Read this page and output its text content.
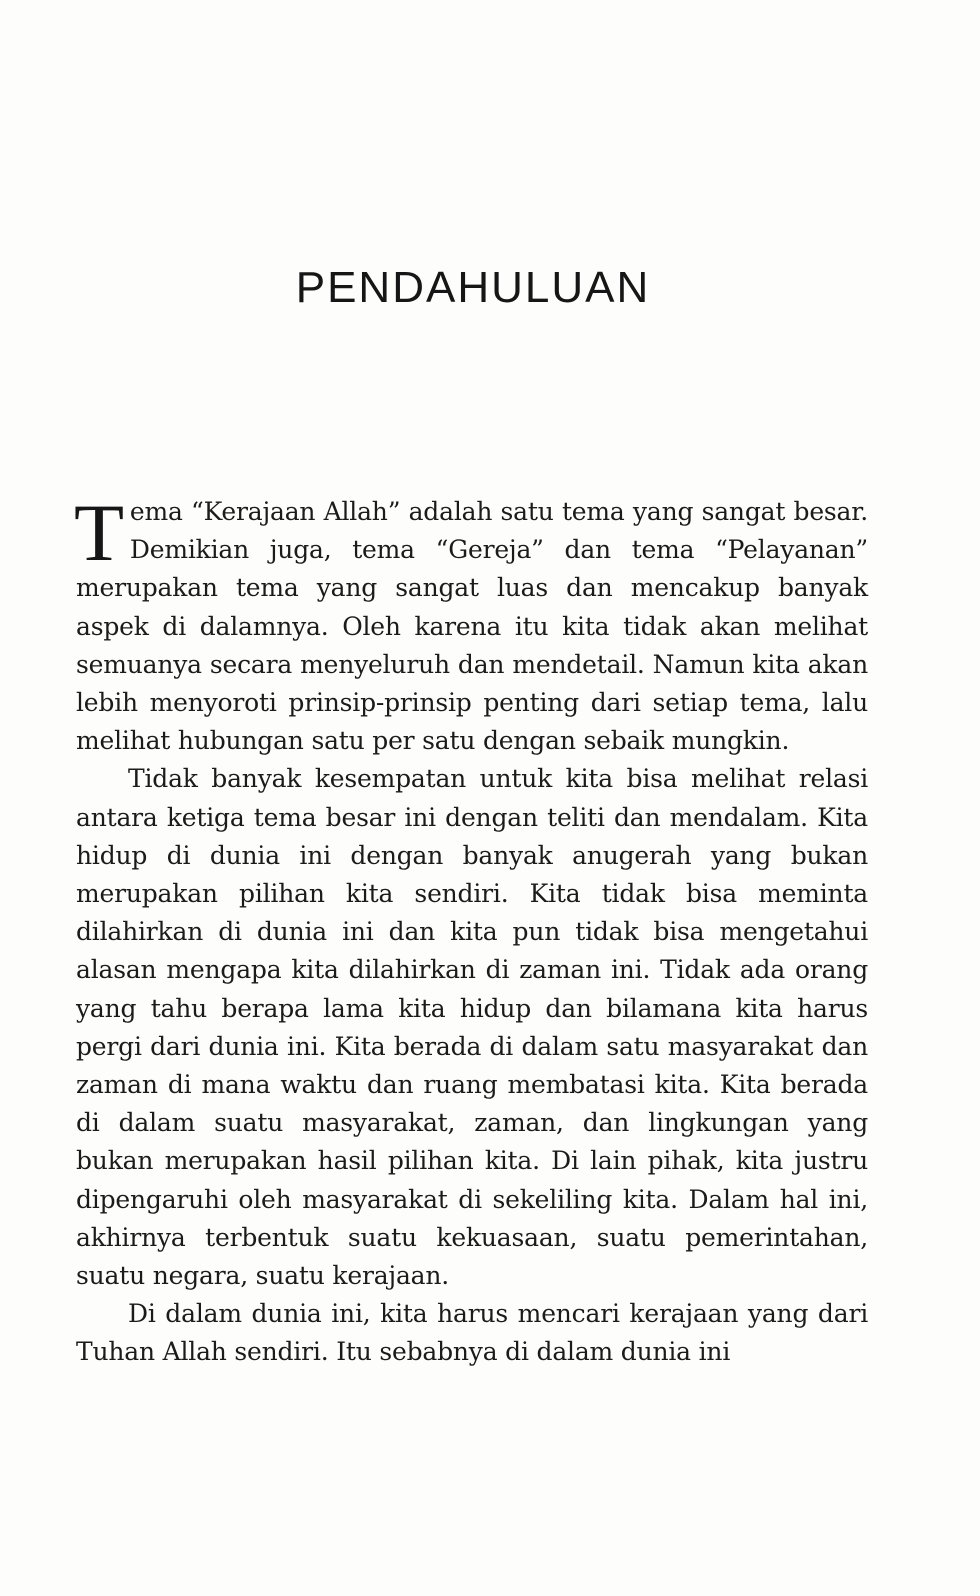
PENDAHULUAN

Tema “Kerajaan Allah” adalah satu tema yang sangat besar. Demikian juga, tema “Gereja” dan tema “Pelayanan” merupakan tema yang sangat luas dan mencakup banyak aspek di dalamnya. Oleh karena itu kita tidak akan melihat semuanya secara menyeluruh dan mendetail. Namun kita akan lebih menyoroti prinsip-prinsip penting dari setiap tema, lalu melihat hubungan satu per satu dengan sebaik mungkin.

Tidak banyak kesempatan untuk kita bisa melihat relasi antara ketiga tema besar ini dengan teliti dan mendalam. Kita hidup di dunia ini dengan banyak anugerah yang bukan merupakan pilihan kita sendiri. Kita tidak bisa meminta dilahirkan di dunia ini dan kita pun tidak bisa mengetahui alasan mengapa kita dilahirkan di zaman ini. Tidak ada orang yang tahu berapa lama kita hidup dan bilamana kita harus pergi dari dunia ini. Kita berada di dalam satu masyarakat dan zaman di mana waktu dan ruang membatasi kita. Kita berada di dalam suatu masyarakat, zaman, dan lingkungan yang bukan merupakan hasil pilihan kita. Di lain pihak, kita justru dipengaruhi oleh masyarakat di sekeliling kita. Dalam hal ini, akhirnya terbentuk suatu kekuasaan, suatu pemerintahan, suatu negara, suatu kerajaan.

Di dalam dunia ini, kita harus mencari kerajaan yang dari Tuhan Allah sendiri. Itu sebabnya di dalam dunia ini
